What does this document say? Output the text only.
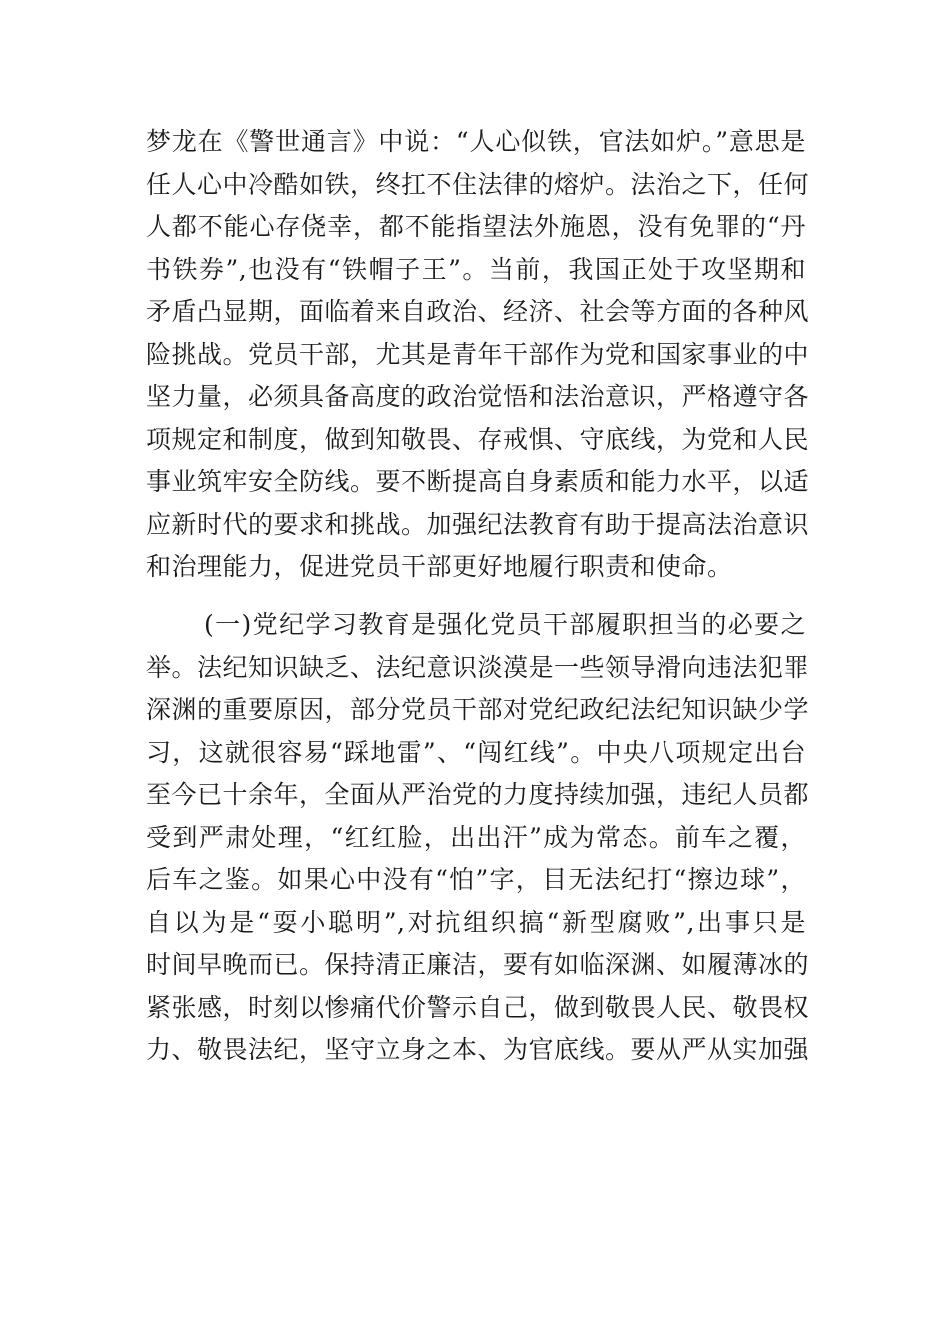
梦龙在《警世通言》中说：“人心似铁，官法如炉。”意思是
任人心中冷酷如铁，终扛不住法律的熔炉。法治之下，任何
人都不能心存侥幸，都不能指望法外施恩，没有免罪的“丹
书铁券”,也没有“铁帽子王”。当前，我国正处于攻坚期和
矛盾凸显期，面临着来自政治、经济、社会等方面的各种风
险挑战。党员干部，尤其是青年干部作为党和国家事业的中
坚力量，必须具备高度的政治觉悟和法治意识，严格遵守各
项规定和制度，做到知敬畏、存戒惧、守底线，为党和人民
事业筑牢安全防线。要不断提高自身素质和能力水平，以适
应新时代的要求和挑战。加强纪法教育有助于提高法治意识
和治理能力，促进党员干部更好地履行职责和使命。
(一)党纪学习教育是强化党员干部履职担当的必要之
举。法纪知识缺乏、法纪意识淡漠是一些领导滑向违法犯罪
深渊的重要原因，部分党员干部对党纪政纪法纪知识缺少学
习，这就很容易“踩地雷”、“闯红线”。中央八项规定出台
至今已十余年，全面从严治党的力度持续加强，违纪人员都
受到严肃处理，“红红脸，出出汗”成为常态。前车之覆，
后车之鉴。如果心中没有“怕”字，目无法纪打“擦边球”，
自以为是“耍小聪明”,对抗组织搞“新型腐败”,出事只是
时间早晚而已。保持清正廉洁，要有如临深渊、如履薄冰的
紧张感，时刻以惨痛代价警示自己，做到敬畏人民、敬畏权
力、敬畏法纪，坚守立身之本、为官底线。要从严从实加强
